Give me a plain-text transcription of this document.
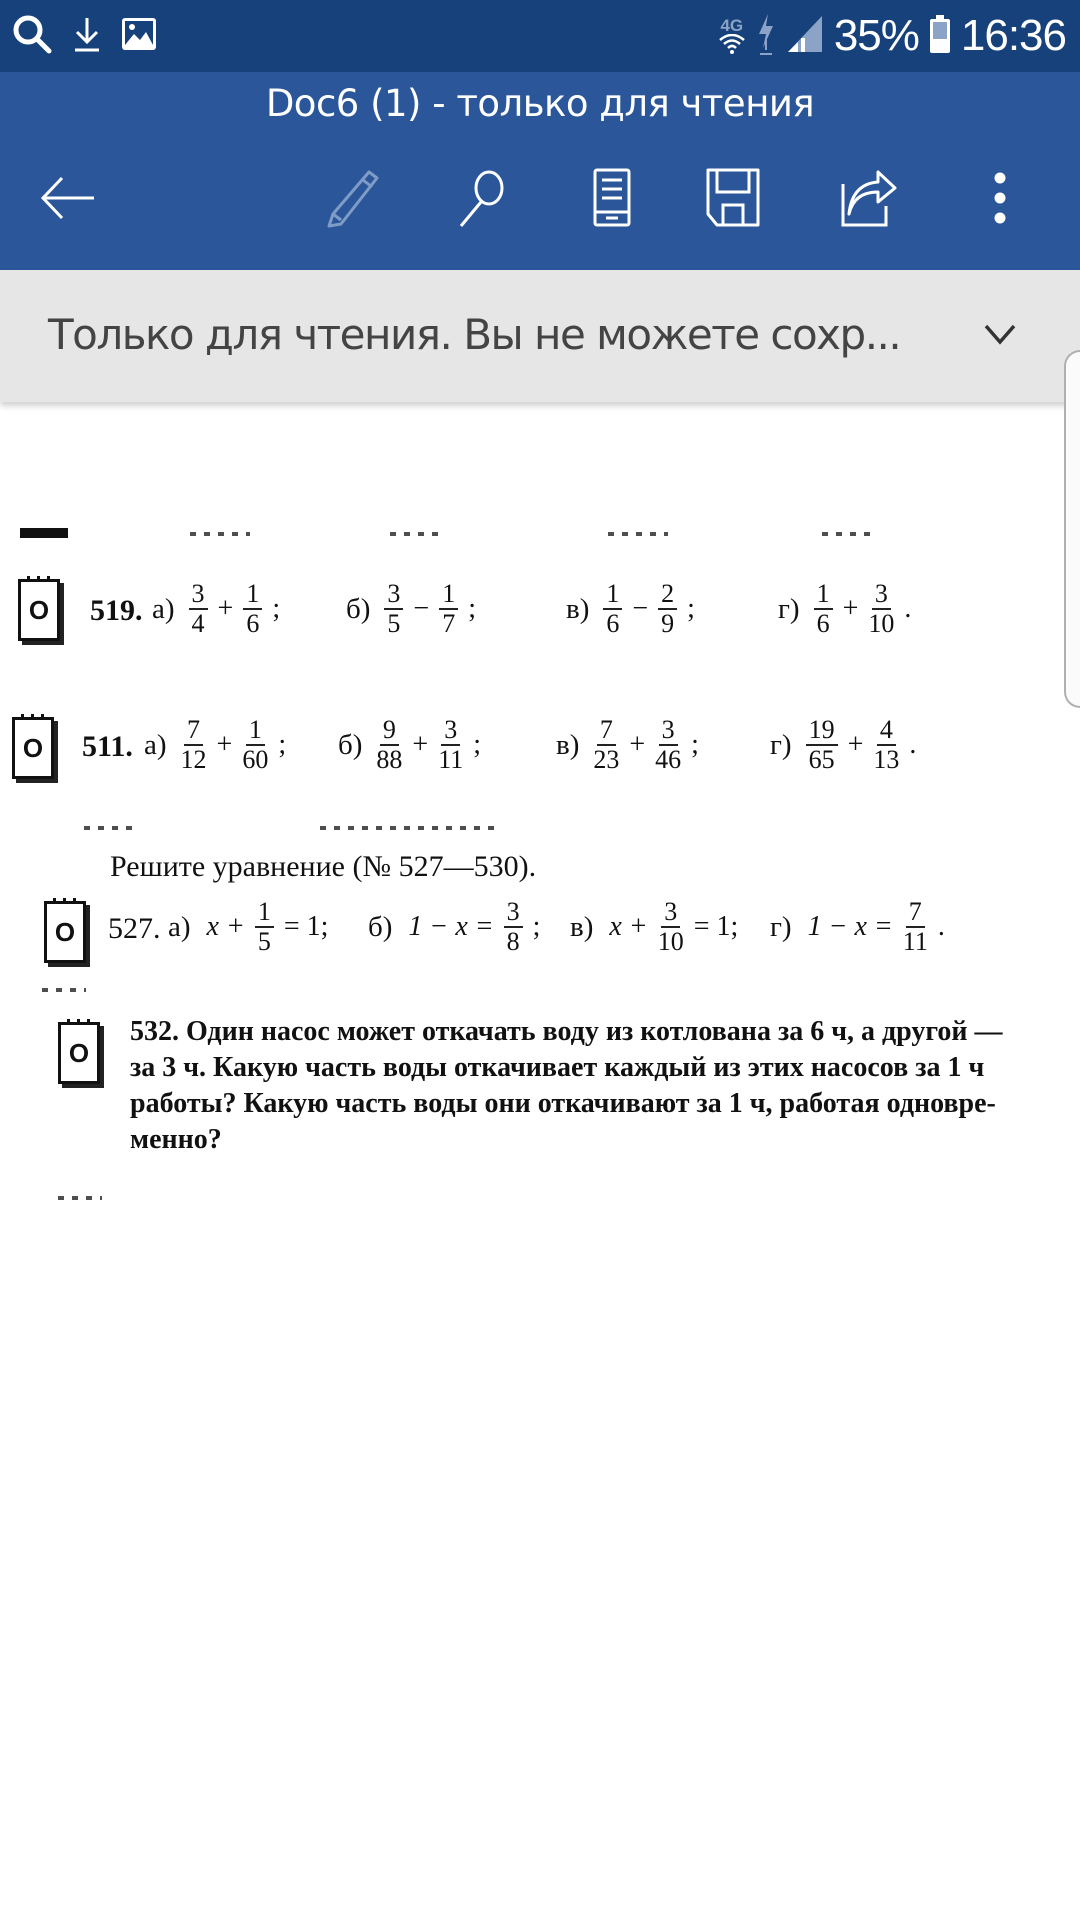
4G 35% 16:36
Doc6 (1) - только для чтения
Только для чтения. Вы не можете сохр...
O 519. $а) \frac{3}{4} + \frac{1}{6}$ ; $б) \frac{3}{5} - \frac{1}{7}$ ;	$в) \frac{1}{6} - \frac{2}{9}$ ;	$г) \frac{1}{6} + \frac{3}{10}$ .
O 511. $а) \frac{7}{12} + \frac{1}{60}$ ; $б) \frac{9}{88} + \frac{3}{11}$ ;	$в) \frac{7}{23} + \frac{3}{46}$ ; $г) \frac{19}{65} + \frac{4}{13}$ .
Решите уравнение (№ 527—530).
O 527. а) $x + \frac{1}{5} = 1$; б) $1 - x = \frac{3}{8}$ ; в) $x + \frac{3}{10} = 1$; г) $1 - x = \frac{7}{11}$ .
O

532. Один насос может откачать воду из котлована за 6 ч, а другой —

за 3 ч. Какую часть воды откачивает каждый из этих насосов за 1 ч

работы? Какую часть воды они откачивают за 1 ч, работая одновре-

менно?
